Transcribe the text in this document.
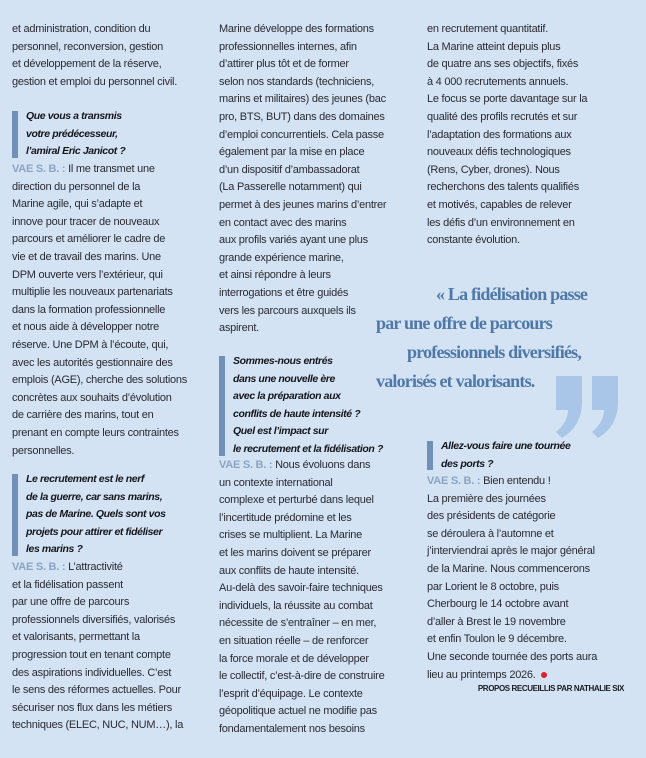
et administration, condition du
personnel, reconversion, gestion
et développement de la réserve,
gestion et emploi du personnel civil.
Que vous a transmis
votre prédécesseur,
l’amiral Eric Janicot ?
VAE S. B. : Il me transmet une
direction du personnel de la
Marine agile, qui s’adapte et
innove pour tracer de nouveaux
parcours et améliorer le cadre de
vie et de travail des marins. Une
DPM ouverte vers l’extérieur, qui
multiplie les nouveaux partenariats
dans la formation professionnelle
et nous aide à développer notre
réserve. Une DPM à l’écoute, qui,
avec les autorités gestionnaire des
emplois (AGE), cherche des solutions
concrètes aux souhaits d’évolution
de carrière des marins, tout en
prenant en compte leurs contraintes
personnelles.
Le recrutement est le nerf
de la guerre, car sans marins,
pas de Marine. Quels sont vos
projets pour attirer et fidéliser
les marins ?
VAE S. B. : L’attractivité
et la fidélisation passent
par une offre de parcours
professionnels diversifiés, valorisés
et valorisants, permettant la
progression tout en tenant compte
des aspirations individuelles. C’est
le sens des réformes actuelles. Pour
sécuriser nos flux dans les métiers
techniques (ELEC, NUC, NUM…), la
Marine développe des formations
professionnelles internes, afin
d’attirer plus tôt et de former
selon nos standards (techniciens,
marins et militaires) des jeunes (bac
pro, BTS, BUT) dans des domaines
d’emploi concurrentiels. Cela passe
également par la mise en place
d’un dispositif d’ambassadorat
(La Passerelle notamment) qui
permet à des jeunes marins d’entrer
en contact avec des marins
aux profils variés ayant une plus
grande expérience marine,
et ainsi répondre à leurs
interrogations et être guidés
vers les parcours auxquels ils
aspirent.
Sommes-nous entrés
dans une nouvelle ère
avec la préparation aux
conflits de haute intensité ?
Quel est l’impact sur
le recrutement et la fidélisation ?
VAE S. B. : Nous évoluons dans
un contexte international
complexe et perturbé dans lequel
l’incertitude prédomine et les
crises se multiplient. La Marine
et les marins doivent se préparer
aux conflits de haute intensité.
Au-delà des savoir-faire techniques
individuels, la réussite au combat
nécessite de s’entraîner – en mer,
en situation réelle – de renforcer
la force morale et de développer
le collectif, c’est-à-dire de construire
l’esprit d’équipage. Le contexte
géopolitique actuel ne modifie pas
fondamentalement nos besoins
en recrutement quantitatif.
La Marine atteint depuis plus
de quatre ans ses objectifs, fixés
à 4 000 recrutements annuels.
Le focus se porte davantage sur la
qualité des profils recrutés et sur
l’adaptation des formations aux
nouveaux défis technologiques
(Rens, Cyber, drones). Nous
recherchons des talents qualifiés
et motivés, capables de relever
les défis d’un environnement en
constante évolution.
« La fidélisation passe
par une offre de parcours
professionnels diversifiés,
valorisés et valorisants.
Allez-vous faire une tournée
des ports ?
VAE S. B. : Bien entendu !
La première des journées
des présidents de catégorie
se déroulera à l’automne et
j’interviendrai après le major général
de la Marine. Nous commencerons
par Lorient le 8 octobre, puis
Cherbourg le 14 octobre avant
d’aller à Brest le 19 novembre
et enfin Toulon le 9 décembre.
Une seconde tournée des ports aura
lieu au printemps 2026.
PROPOS RECUEILLIS PAR NATHALIE SIX
